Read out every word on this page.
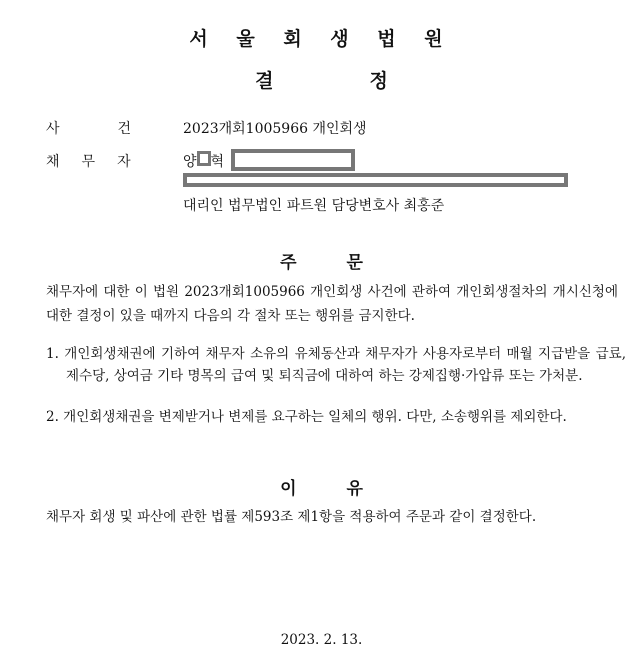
서 울 회 생 법 원
결	정
사	건	2023개회1005966 개인회생
채 무 자	양 혁
대리인 법무법인 파트원 담당변호사 최홍준
주	문
채무자에 대한 이 법원 2023개회1005966 개인회생 사건에 관하여 개인회생절차의 개시신청에 대한 결정이 있을 때까지 다음의 각 절차 또는 행위를 금지한다.
1. 개인회생채권에 기하여 채무자 소유의 유체동산과 채무자가 사용자로부터 매월 지급받을 급료, 제수당, 상여금 기타 명목의 급여 및 퇴직금에 대하여 하는 강제집행·가압류 또는 가처분.
2. 개인회생채권을 변제받거나 변제를 요구하는 일체의 행위. 다만, 소송행위를 제외한다.
이	유
채무자 회생 및 파산에 관한 법률 제593조 제1항을 적용하여 주문과 같이 결정한다.
2023. 2. 13.
